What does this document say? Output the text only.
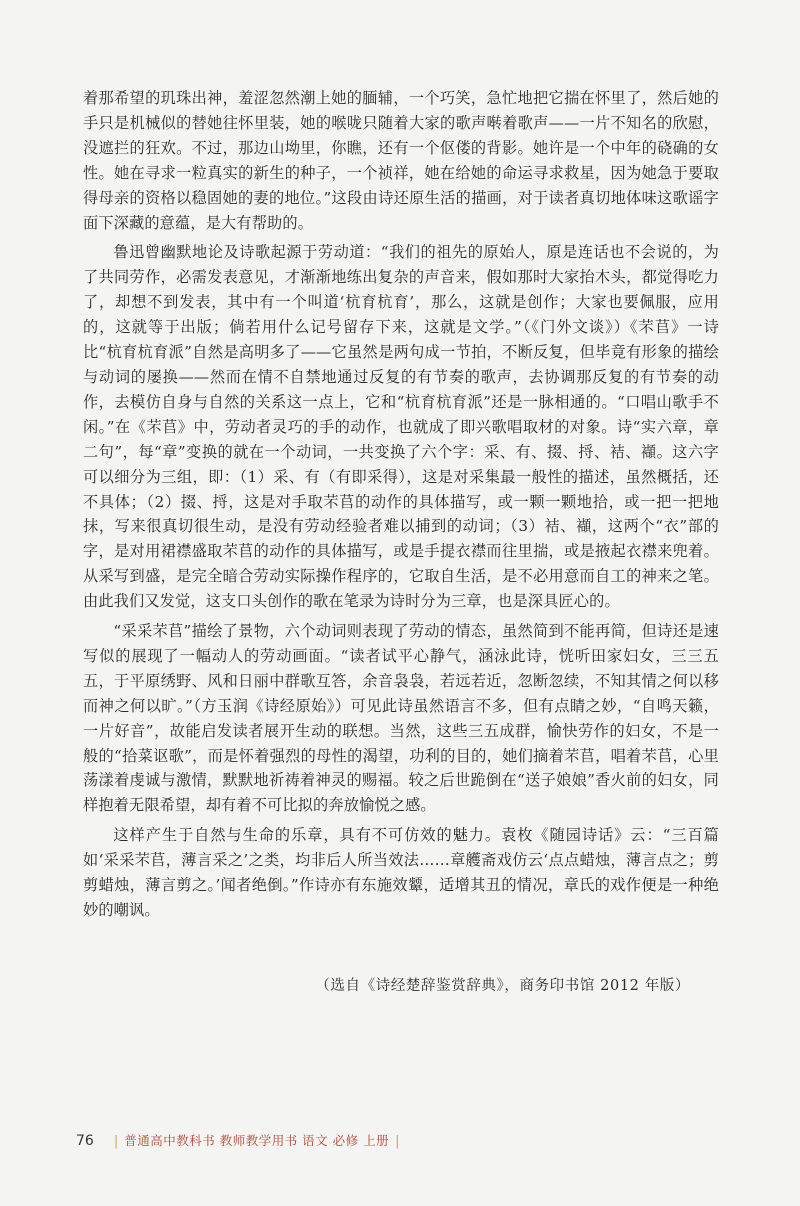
着那希望的玑珠出神，羞涩忽然潮上她的腼辅，一个巧笑，急忙地把它揣在怀里了，然后她的手只是机械似的替她往怀里装，她的喉咙只随着大家的歌声啭着歌声——一片不知名的欣慰，没遮拦的狂欢。不过，那边山坳里，你瞧，还有一个伛偻的背影。她许是一个中年的硗确的女性。她在寻求一粒真实的新生的种子，一个祯祥，她在给她的命运寻求救星，因为她急于要取得母亲的资格以稳固她的妻的地位。”这段由诗还原生活的描画，对于读者真切地体味这歌谣字面下深藏的意蕴，是大有帮助的。

鲁迅曾幽默地论及诗歌起源于劳动道：“我们的祖先的原始人，原是连话也不会说的，为了共同劳作，必需发表意见，才渐渐地练出复杂的声音来，假如那时大家抬木头，都觉得吃力了，却想不到发表，其中有一个叫道‘杭育杭育’，那么，这就是创作；大家也要佩服，应用的，这就等于出版；倘若用什么记号留存下来，这就是文学。”（《门外文谈》）《芣苢》一诗比“杭育杭育派”自然是高明多了——它虽然是两句成一节拍，不断反复，但毕竟有形象的描绘与动词的屡换——然而在情不自禁地通过反复的有节奏的歌声，去协调那反复的有节奏的动作，去模仿自身与自然的关系这一点上，它和“杭育杭育派”还是一脉相通的。“口唱山歌手不闲。”在《芣苢》中，劳动者灵巧的手的动作，也就成了即兴歌唱取材的对象。诗“实六章，章二句”，每“章”变换的就在一个动词，一共变换了六个字：采、有、掇、捋、袺、襭。这六字可以细分为三组，即：（1）采、有（有即采得），这是对采集最一般性的描述，虽然概括，还不具体；（2）掇、捋，这是对手取芣苢的动作的具体描写，或一颗一颗地拾，或一把一把地抹，写来很真切很生动，是没有劳动经验者难以捕到的动词；（3）袺、襭，这两个“衣”部的字，是对用裙襟盛取芣苢的动作的具体描写，或是手提衣襟而往里揣，或是掖起衣襟来兜着。从采写到盛，是完全暗合劳动实际操作程序的，它取自生活，是不必用意而自工的神来之笔。由此我们又发觉，这支口头创作的歌在笔录为诗时分为三章，也是深具匠心的。

“采采芣苢”描绘了景物，六个动词则表现了劳动的情态，虽然简到不能再简，但诗还是速写似的展现了一幅动人的劳动画面。“读者试平心静气，涵泳此诗，恍听田家妇女，三三五五，于平原绣野、风和日丽中群歌互答，余音袅袅，若远若近，忽断忽续，不知其情之何以移而神之何以旷。”（方玉润《诗经原始》）可见此诗虽然语言不多，但有点睛之妙，“自鸣天籁，一片好音”，故能启发读者展开生动的联想。当然，这些三五成群，愉快劳作的妇女，不是一般的“拾菜讴歌”，而是怀着强烈的母性的渴望，功利的目的，她们摘着芣苢，唱着芣苢，心里荡漾着虔诚与激情，默默地祈祷着神灵的赐福。较之后世跪倒在“送子娘娘”香火前的妇女，同样抱着无限希望，却有着不可比拟的奔放愉悦之感。

这样产生于自然与生命的乐章，具有不可仿效的魅力。袁枚《随园诗话》云：“三百篇如‘采采芣苢，薄言采之’之类，均非后人所当效法……章艧斋戏仿云‘点点蜡烛，薄言点之；剪剪蜡烛，薄言剪之。’闻者绝倒。”作诗亦有东施效颦，适增其丑的情况，章氏的戏作便是一种绝妙的嘲讽。

（选自《诗经楚辞鉴赏辞典》，商务印书馆 2012 年版）
76 | 普通高中教科书 教师教学用书 语文 必修 上册 |
